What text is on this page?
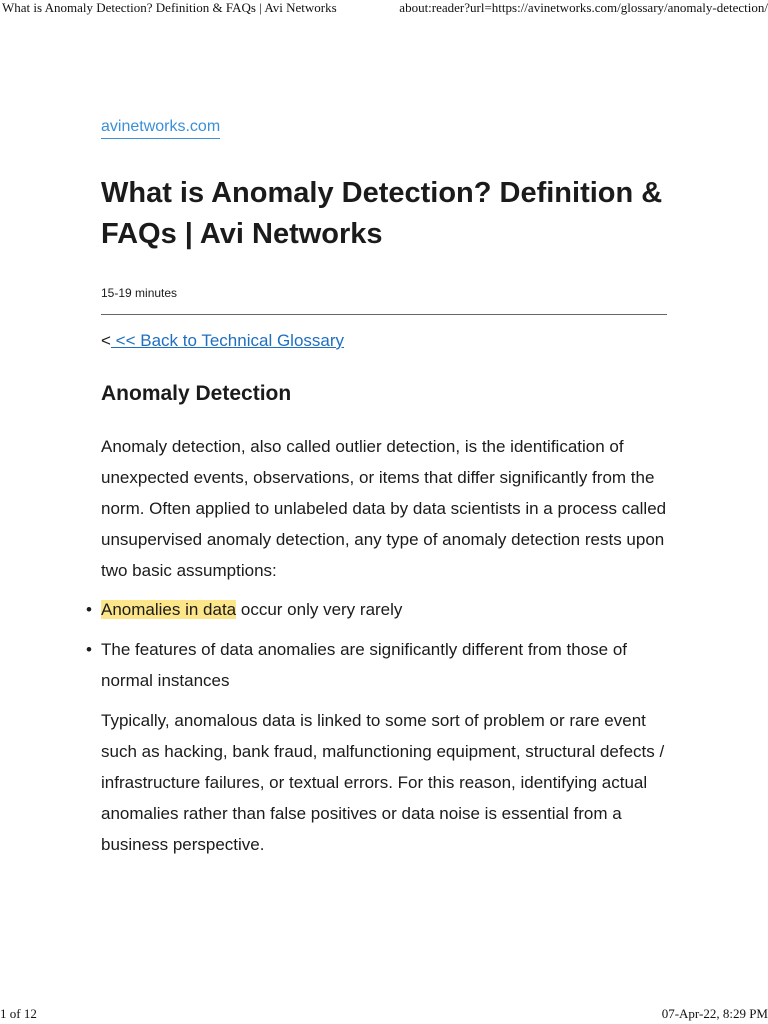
What is Anomaly Detection? Definition & FAQs | Avi Networks	about:reader?url=https://avinetworks.com/glossary/anomaly-detection/
avinetworks.com
What is Anomaly Detection? Definition & FAQs | Avi Networks
15-19 minutes
< << Back to Technical Glossary
Anomaly Detection

Anomaly detection, also called outlier detection, is the identification of unexpected events, observations, or items that differ significantly from the norm. Often applied to unlabeled data by data scientists in a process called unsupervised anomaly detection, any type of anomaly detection rests upon two basic assumptions:

• Anomalies in data occur only very rarely
• The features of data anomalies are significantly different from those of normal instances

Typically, anomalous data is linked to some sort of problem or rare event such as hacking, bank fraud, malfunctioning equipment, structural defects / infrastructure failures, or textual errors. For this reason, identifying actual anomalies rather than false positives or data noise is essential from a business perspective.

1 of 12	07-Apr-22, 8:29 PM
